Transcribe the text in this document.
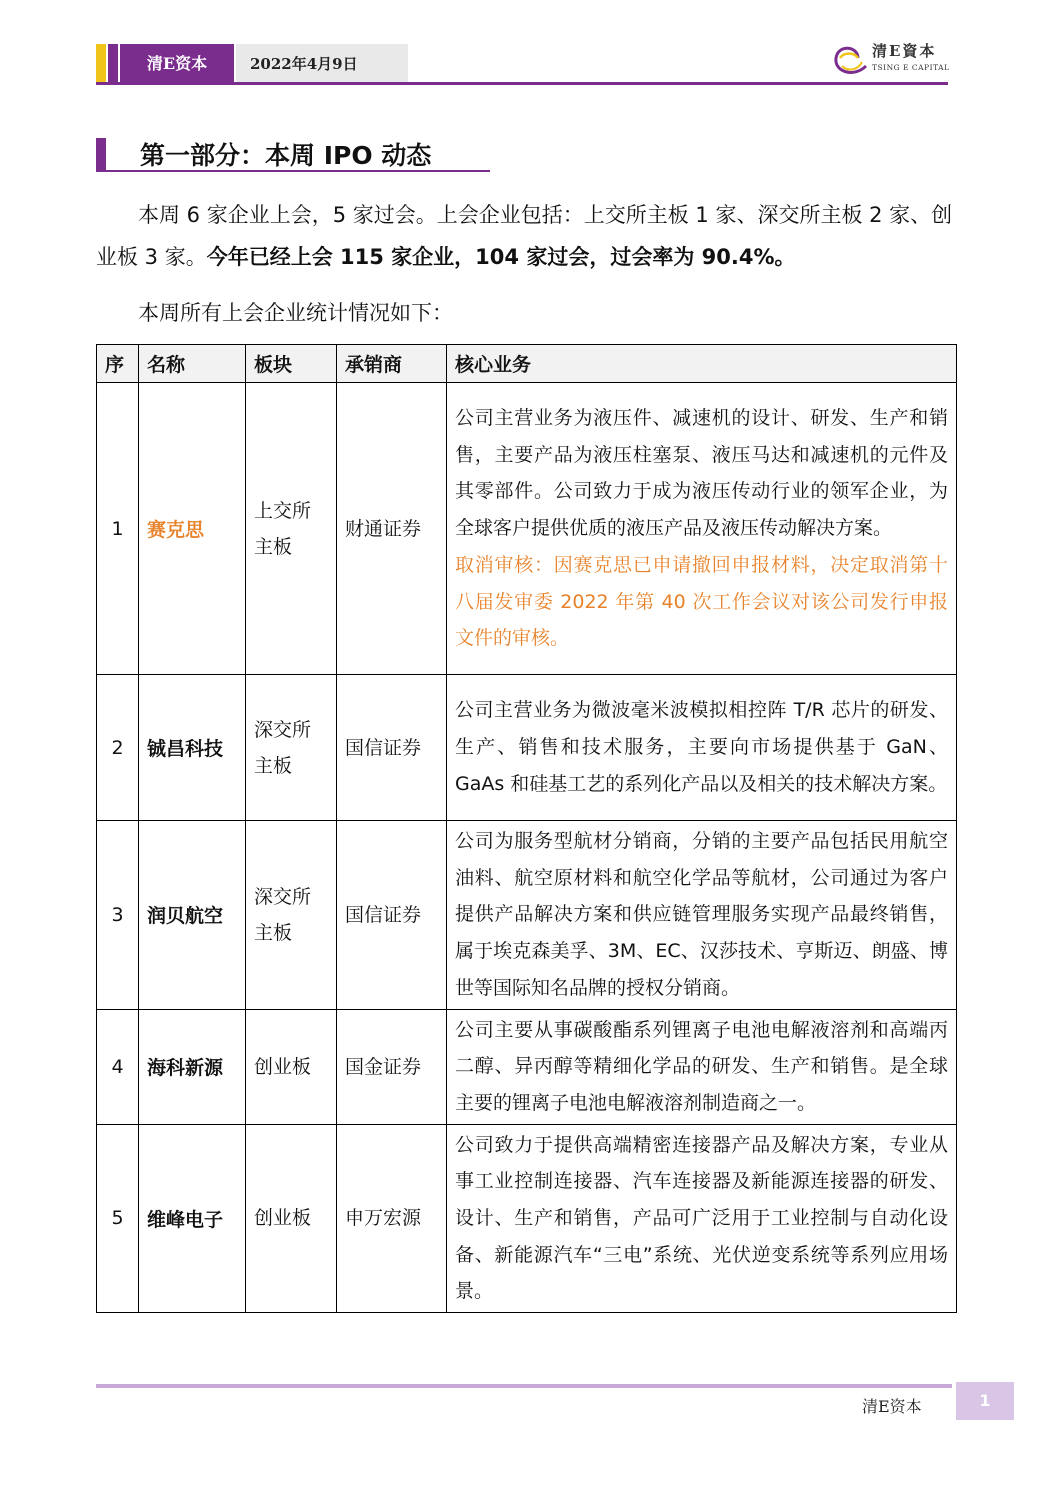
清E资本	2022年4月9日
清E資本
TSING E CAPITAL
第一部分：本周 IPO 动态
本周 6 家企业上会，5 家过会。上会企业包括：上交所主板 1 家、深交所主板 2 家、创业板 3 家。今年已经上会 115 家企业，104 家过会，过会率为 90.4%。
本周所有上会企业统计情况如下：
序	名称	板块	承销商	核心业务
1	赛克思	上交所主板	财通证券	公司主营业务为液压件、减速机的设计、研发、生产和销售，主要产品为液压柱塞泵、液压马达和减速机的元件及其零部件。公司致力于成为液压传动行业的领军企业，为全球客户提供优质的液压产品及液压传动解决方案。
取消审核：因赛克思已申请撤回申报材料，决定取消第十八届发审委 2022 年第 40 次工作会议对该公司发行申报文件的审核。

2	铖昌科技	深交所主板	国信证券	公司主营业务为微波毫米波模拟相控阵 T/R 芯片的研发、生产、销售和技术服务，主要向市场提供基于 GaN、GaAs 和硅基工艺的系列化产品以及相关的技术解决方案。
3	润贝航空	深交所主板	国信证券	公司为服务型航材分销商，分销的主要产品包括民用航空油料、航空原材料和航空化学品等航材，公司通过为客户提供产品解决方案和供应链管理服务实现产品最终销售，属于埃克森美孚、3M、EC、汉莎技术、亨斯迈、朗盛、博世等国际知名品牌的授权分销商。
4	海科新源	创业板	国金证券	公司主要从事碳酸酯系列锂离子电池电解液溶剂和高端丙二醇、异丙醇等精细化学品的研发、生产和销售。是全球主要的锂离子电池电解液溶剂制造商之一。
5	维峰电子	创业板	申万宏源	公司致力于提供高端精密连接器产品及解决方案，专业从事工业控制连接器、汽车连接器及新能源连接器的研发、设计、生产和销售，产品可广泛用于工业控制与自动化设备、新能源汽车“三电”系统、光伏逆变系统等系列应用场景。
清E资本	1
